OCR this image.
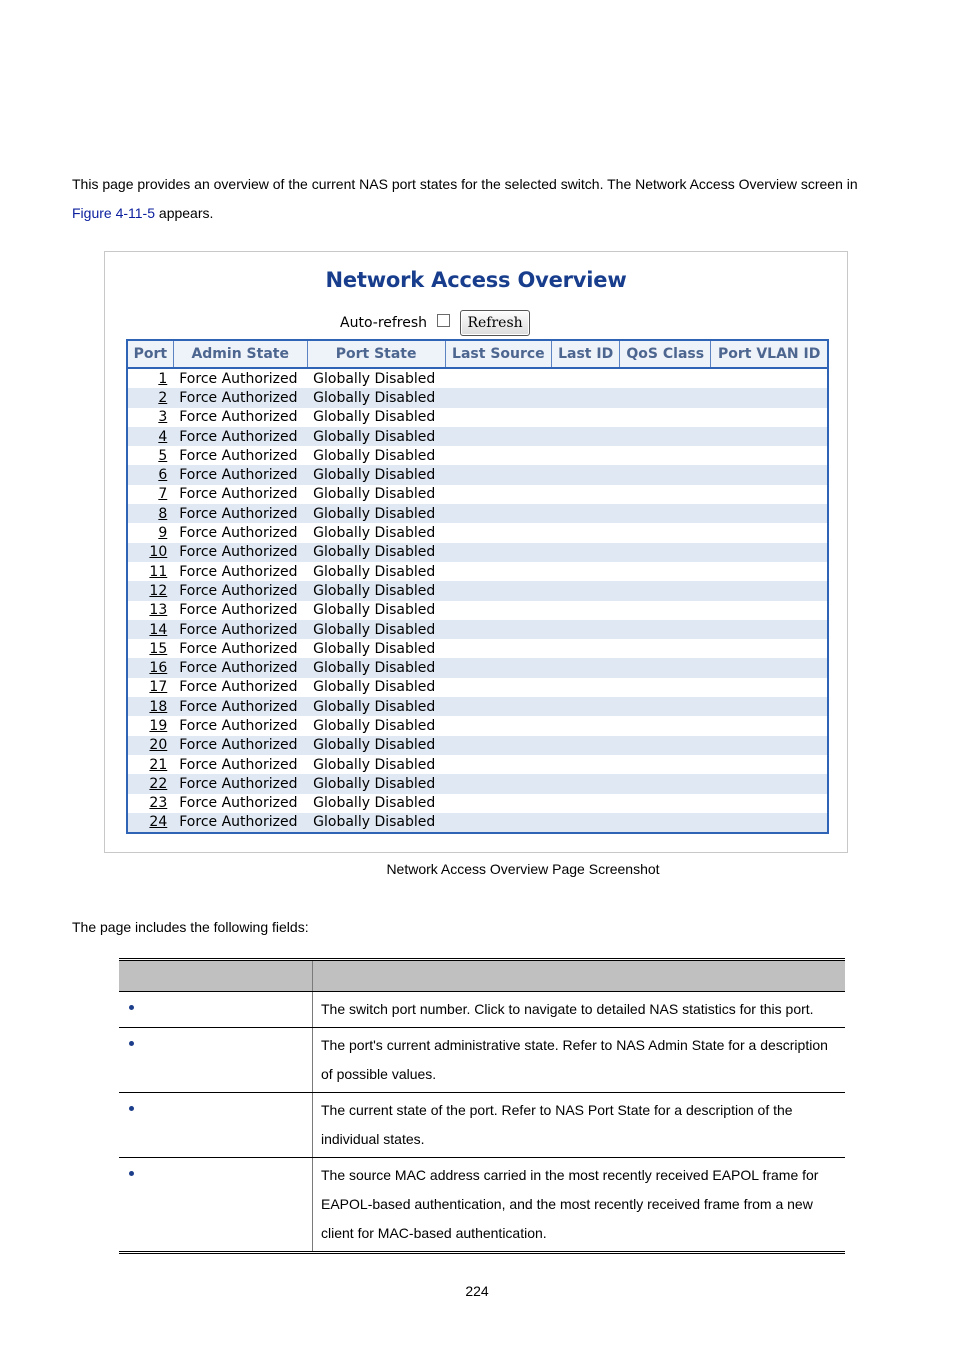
This page provides an overview of the current NAS port states for the selected switch. The Network Access Overview screen in
Figure 4-11-5 appears.

Network Access Overview
Auto-refresh	Refresh
Port	Admin State	Port State	Last Source	Last ID	QoS Class	Port VLAN ID
1	Force Authorized	Globally Disabled				
2	Force Authorized	Globally Disabled				
3	Force Authorized	Globally Disabled				
4	Force Authorized	Globally Disabled				
5	Force Authorized	Globally Disabled				
6	Force Authorized	Globally Disabled				
7	Force Authorized	Globally Disabled				
8	Force Authorized	Globally Disabled				
9	Force Authorized	Globally Disabled				
10	Force Authorized	Globally Disabled				
11	Force Authorized	Globally Disabled				
12	Force Authorized	Globally Disabled				
13	Force Authorized	Globally Disabled				
14	Force Authorized	Globally Disabled				
15	Force Authorized	Globally Disabled				
16	Force Authorized	Globally Disabled				
17	Force Authorized	Globally Disabled				
18	Force Authorized	Globally Disabled				
19	Force Authorized	Globally Disabled				
20	Force Authorized	Globally Disabled				
21	Force Authorized	Globally Disabled				
22	Force Authorized	Globally Disabled				
23	Force Authorized	Globally Disabled				
24	Force Authorized	Globally Disabled				
Network Access Overview Page Screenshot

The page includes the following fields:

	The switch port number. Click to navigate to detailed NAS statistics for this port.

	The port's current administrative state. Refer to NAS Admin State for a description of possible values.

	The current state of the port. Refer to NAS Port State for a description of the individual states.

	The source MAC address carried in the most recently received EAPOL frame for EAPOL-based authentication, and the most recently received frame from a new client for MAC-based authentication.
224
